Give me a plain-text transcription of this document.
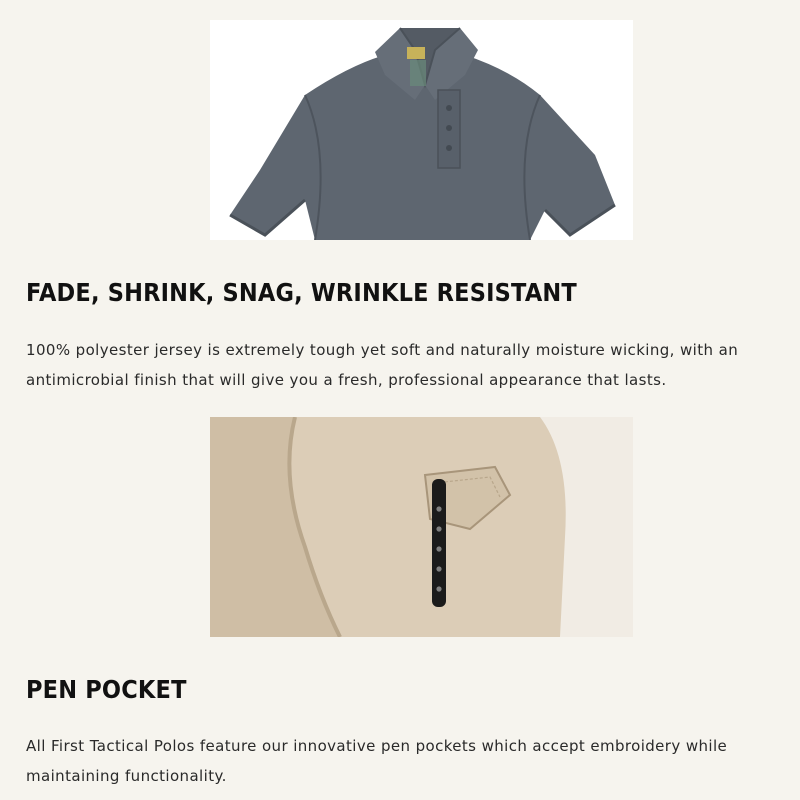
FADE, SHRINK, SNAG, WRINKLE RESISTANT

100% polyester jersey is extremely tough yet soft and naturally moisture wicking, with an antimicrobial finish that will give you a fresh, professional appearance that lasts.

PEN POCKET

All First Tactical Polos feature our innovative pen pockets which accept embroidery while maintaining functionality.
